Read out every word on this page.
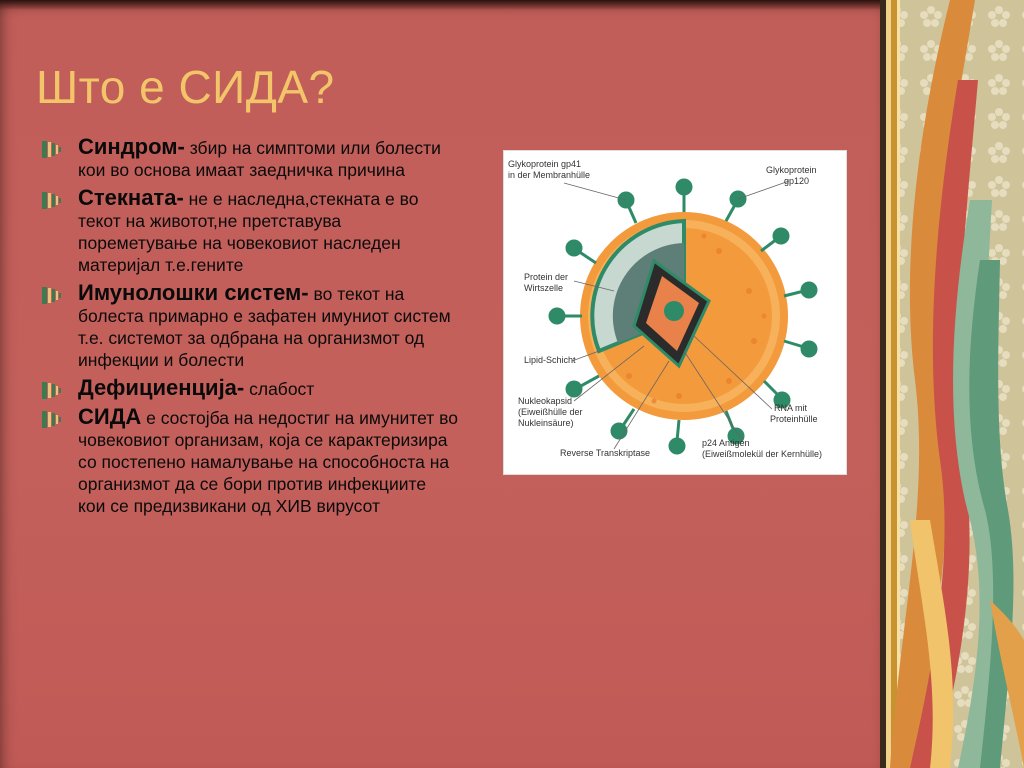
Што е СИДА?
Синдром- збир на симптоми или болести кои во основа имаат заедничка причина
Стекната- не е наследна,стекната е во текот на животот,не претставува пореметување на човековиот наследен материјал т.е.гените
Имунолошки систем- во текот на болеста примарно е зафатен имуниот систем т.е. системот за одбрана на организмот од инфекции и болести
Дефициенција- слабост
СИДА е состојба на недостиг на имунитет во човековиот организам, која се карактеризира со постепено намалување на способноста на организмот да се бори против инфекциите кои се предизвикани од ХИВ вирусот
Glykoprotein gp41
in der Membranhülle	Glykoprotein
gp120
Protein der
Wirtszelle
Lipid-Schicht
Nukleokapsid
(Eiweißhülle der
Nukleinsäure)
Reverse Transkriptase
RNA mit
Proteinhülle
p24 Antigen
(Eiweißmolekül der Kernhülle)
